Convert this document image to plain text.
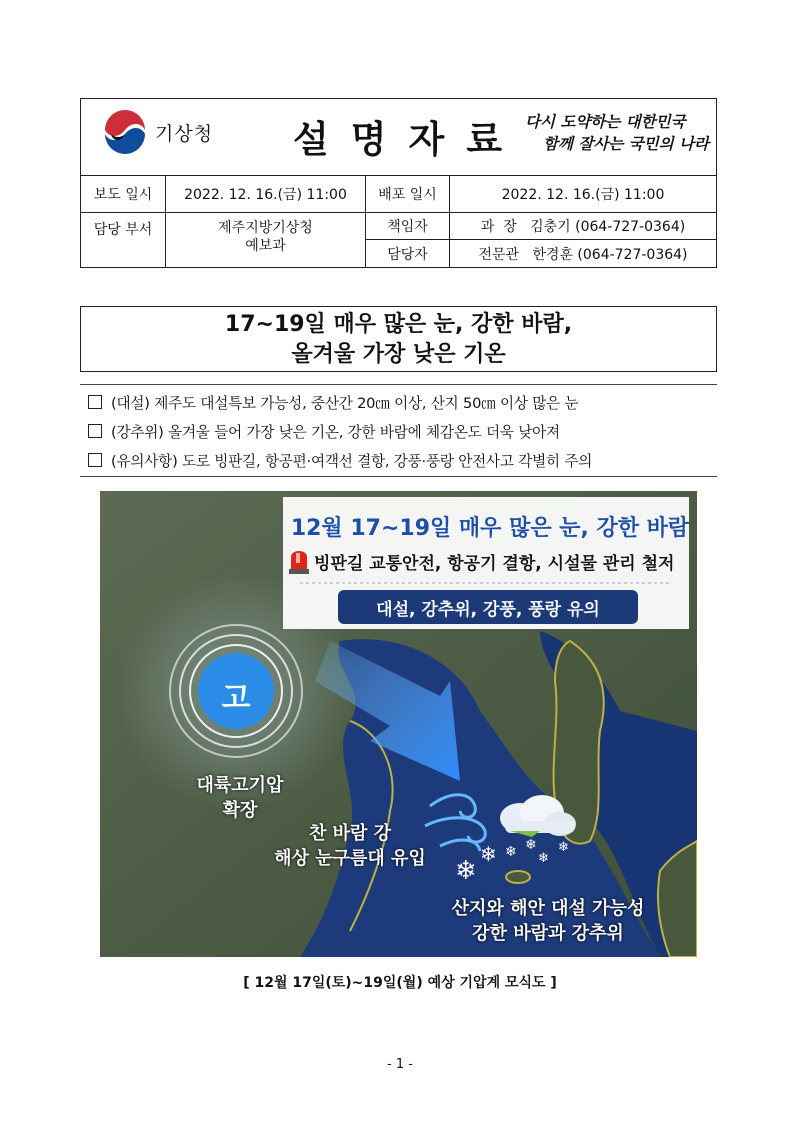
기상청 설명자료 다시 도약하는 대한민국
함께 잘사는 국민의 나라
보도 일시	2022. 12. 16.(금) 11:00	배포 일시	2022. 12. 16.(금) 11:00
담당 부서	제주지방기상청
예보과
책임자	과  장   김충기 (064-727-0364)
담당자	전문관   한경훈 (064-727-0364)
17~19일 매우 많은 눈, 강한 바람,
올겨울 가장 낮은 기온
(대설) 제주도 대설특보 가능성, 중산간 20㎝ 이상, 산지 50㎝ 이상 많은 눈
(강추위) 올겨울 들어 가장 낮은 기온, 강한 바람에 체감온도 더욱 낮아져
(유의사항) 도로 빙판길, 항공편·여객선 결항, 강풍·풍랑 안전사고 각별히 주의
❄
❄ ❄ ❄
❄
❄
12월 17~19일 매우 많은 눈, 강한 바람
빙판길 교통안전, 항공기 결항, 시설물 관리 철저
대설, 강추위, 강풍, 풍랑 유의
고
대륙고기압
확장
찬 바람 강
해상 눈구름대 유입
산지와 해안 대설 가능성
강한 바람과 강추위
[ 12월 17일(토)~19일(월) 예상 기압계 모식도 ]
- 1 -
